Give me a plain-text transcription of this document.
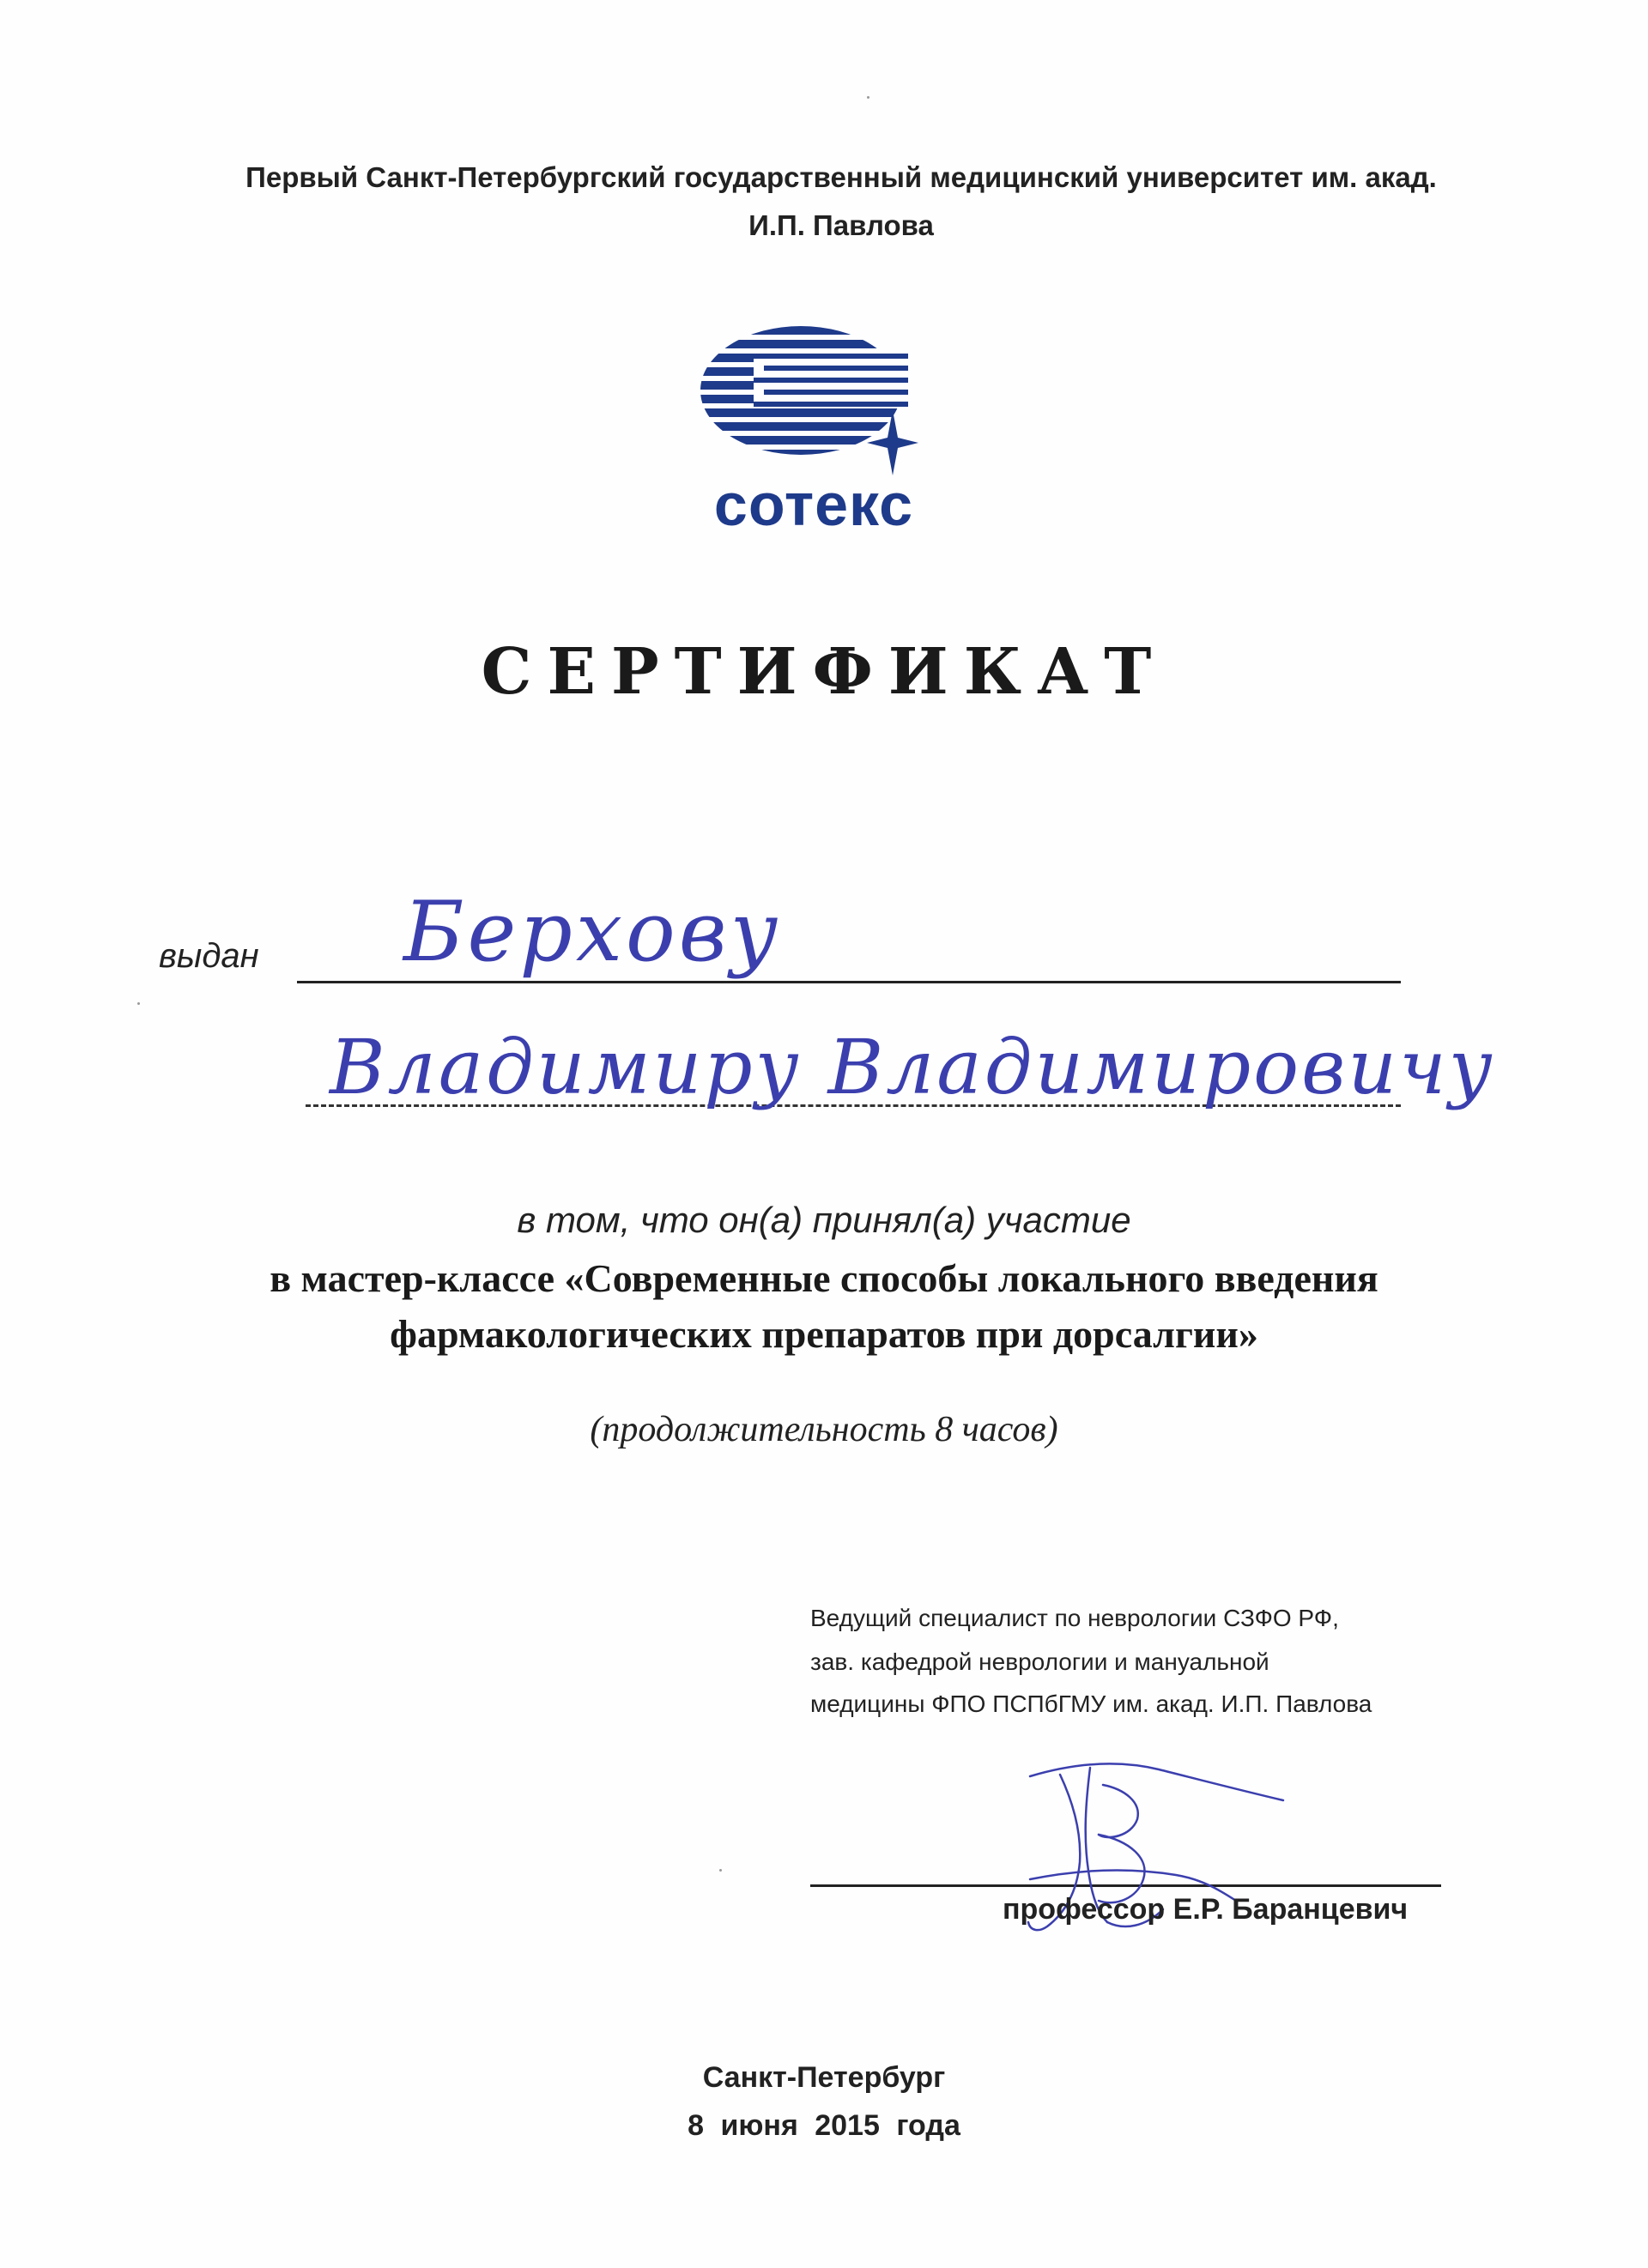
Первый Санкт-Петербургский государственный медицинский университет им. акад.
И.П. Павлова
сотекс
СЕРТИФИКАТ
выдан Берхову
Владимиру Владимировичу
в том, что он(а) принял(а) участие
в мастер-классе «Современные способы локального введения
фармакологических препаратов при дорсалгии»
(продолжительность 8 часов)
Ведущий специалист по неврологии СЗФО РФ,
зав. кафедрой неврологии и мануальной
медицины ФПО ПСПбГМУ им. акад. И.П. Павлова
профессор Е.Р. Баранцевич
Санкт-Петербург
8 июня 2015 года
